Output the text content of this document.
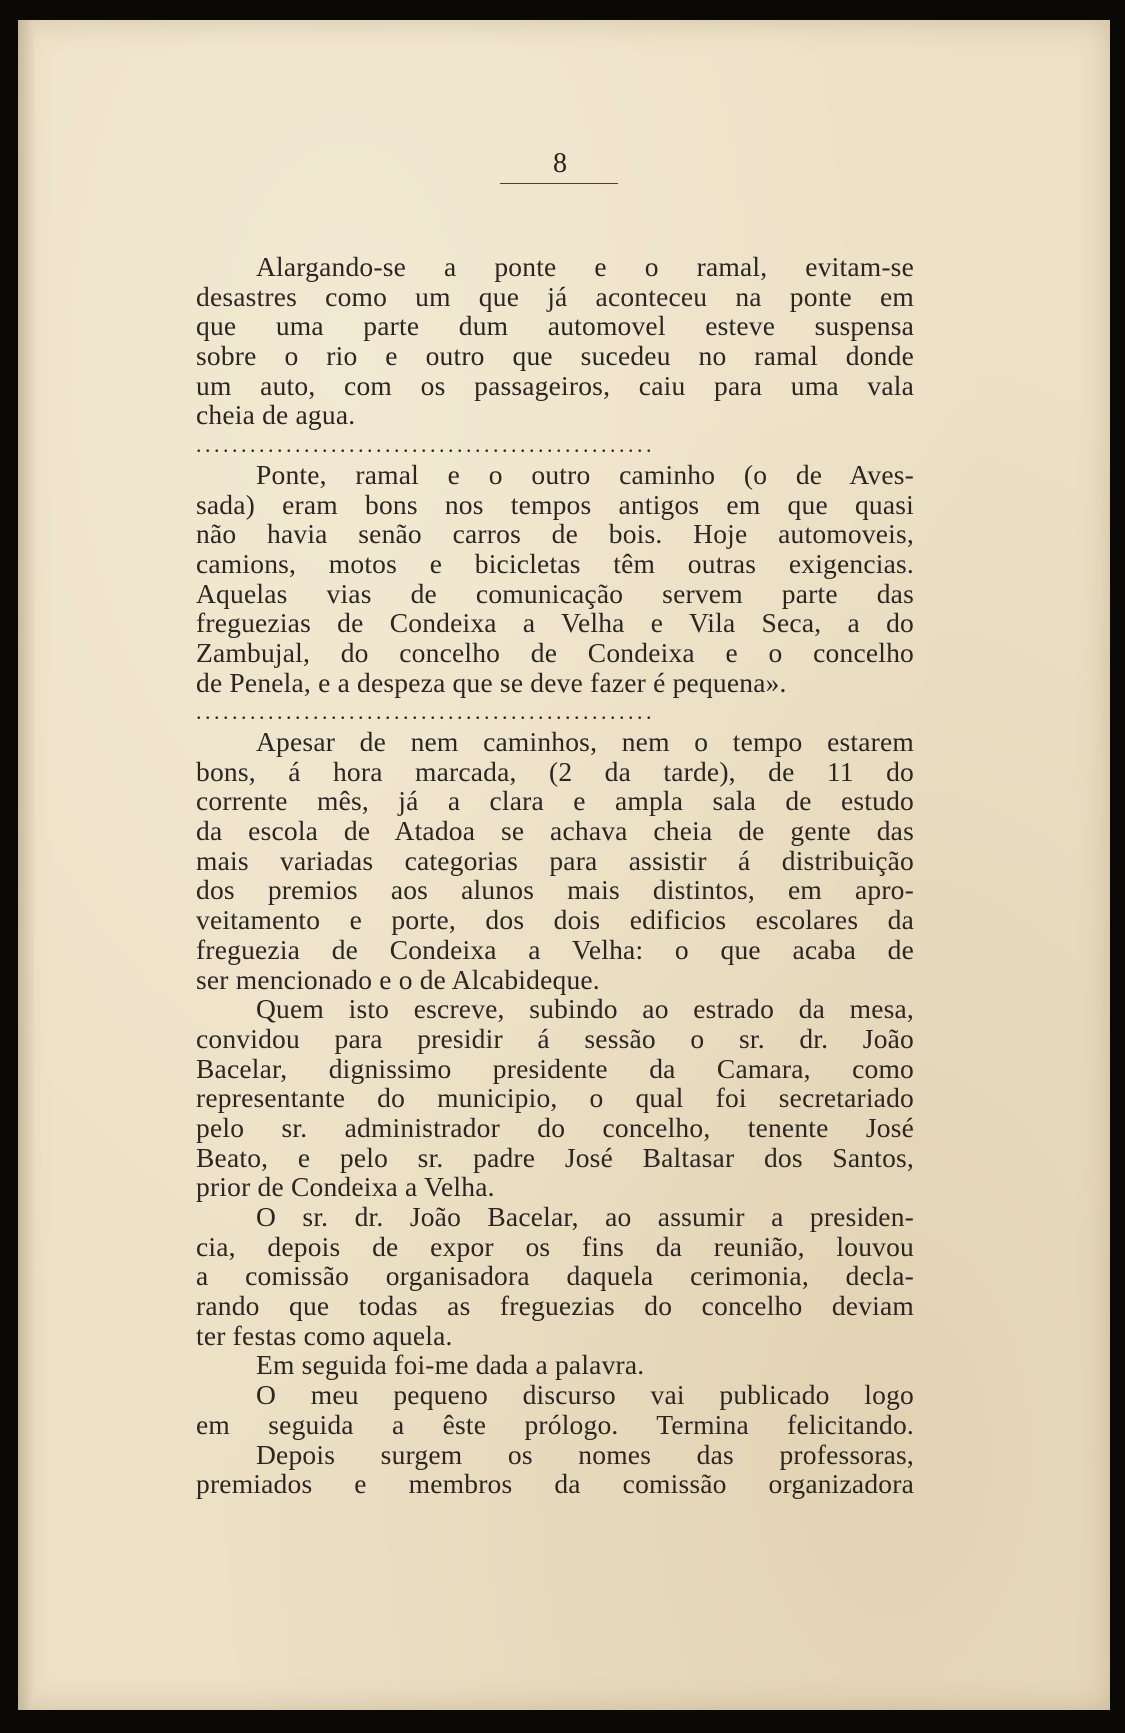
8
Alargando-se a ponte e o ramal, evitam-se
desastres como um que já aconteceu na ponte em
que uma parte dum automovel esteve suspensa
sobre o rio e outro que sucedeu no ramal donde
um auto, com os passageiros, caiu para uma vala
cheia de agua.
...................................................
Ponte, ramal e o outro caminho (o de Aves-
sada) eram bons nos tempos antigos em que quasi
não havia senão carros de bois. Hoje automoveis,
camions, motos e bicicletas têm outras exigencias.
Aquelas vias de comunicação servem parte das
freguezias de Condeixa a Velha e Vila Seca, a do
Zambujal, do concelho de Condeixa e o concelho
de Penela, e a despeza que se deve fazer é pequena».
...................................................
Apesar de nem caminhos, nem o tempo estarem
bons, á hora marcada, (2 da tarde), de 11 do
corrente mês, já a clara e ampla sala de estudo
da escola de Atadoa se achava cheia de gente das
mais variadas categorias para assistir á distribuição
dos premios aos alunos mais distintos, em apro-
veitamento e porte, dos dois edificios escolares da
freguezia de Condeixa a Velha: o que acaba de
ser mencionado e o de Alcabideque.
Quem isto escreve, subindo ao estrado da mesa,
convidou para presidir á sessão o sr. dr. João
Bacelar, dignissimo presidente da Camara, como
representante do municipio, o qual foi secretariado
pelo sr. administrador do concelho, tenente José
Beato, e pelo sr. padre José Baltasar dos Santos,
prior de Condeixa a Velha.
O sr. dr. João Bacelar, ao assumir a presiden-
cia, depois de expor os fins da reunião, louvou
a comissão organisadora daquela cerimonia, decla-
rando que todas as freguezias do concelho deviam
ter festas como aquela.
Em seguida foi-me dada a palavra.
O meu pequeno discurso vai publicado logo
em seguida a êste prólogo. Termina felicitando.
Depois surgem os nomes das professoras,
premiados e membros da comissão organizadora
